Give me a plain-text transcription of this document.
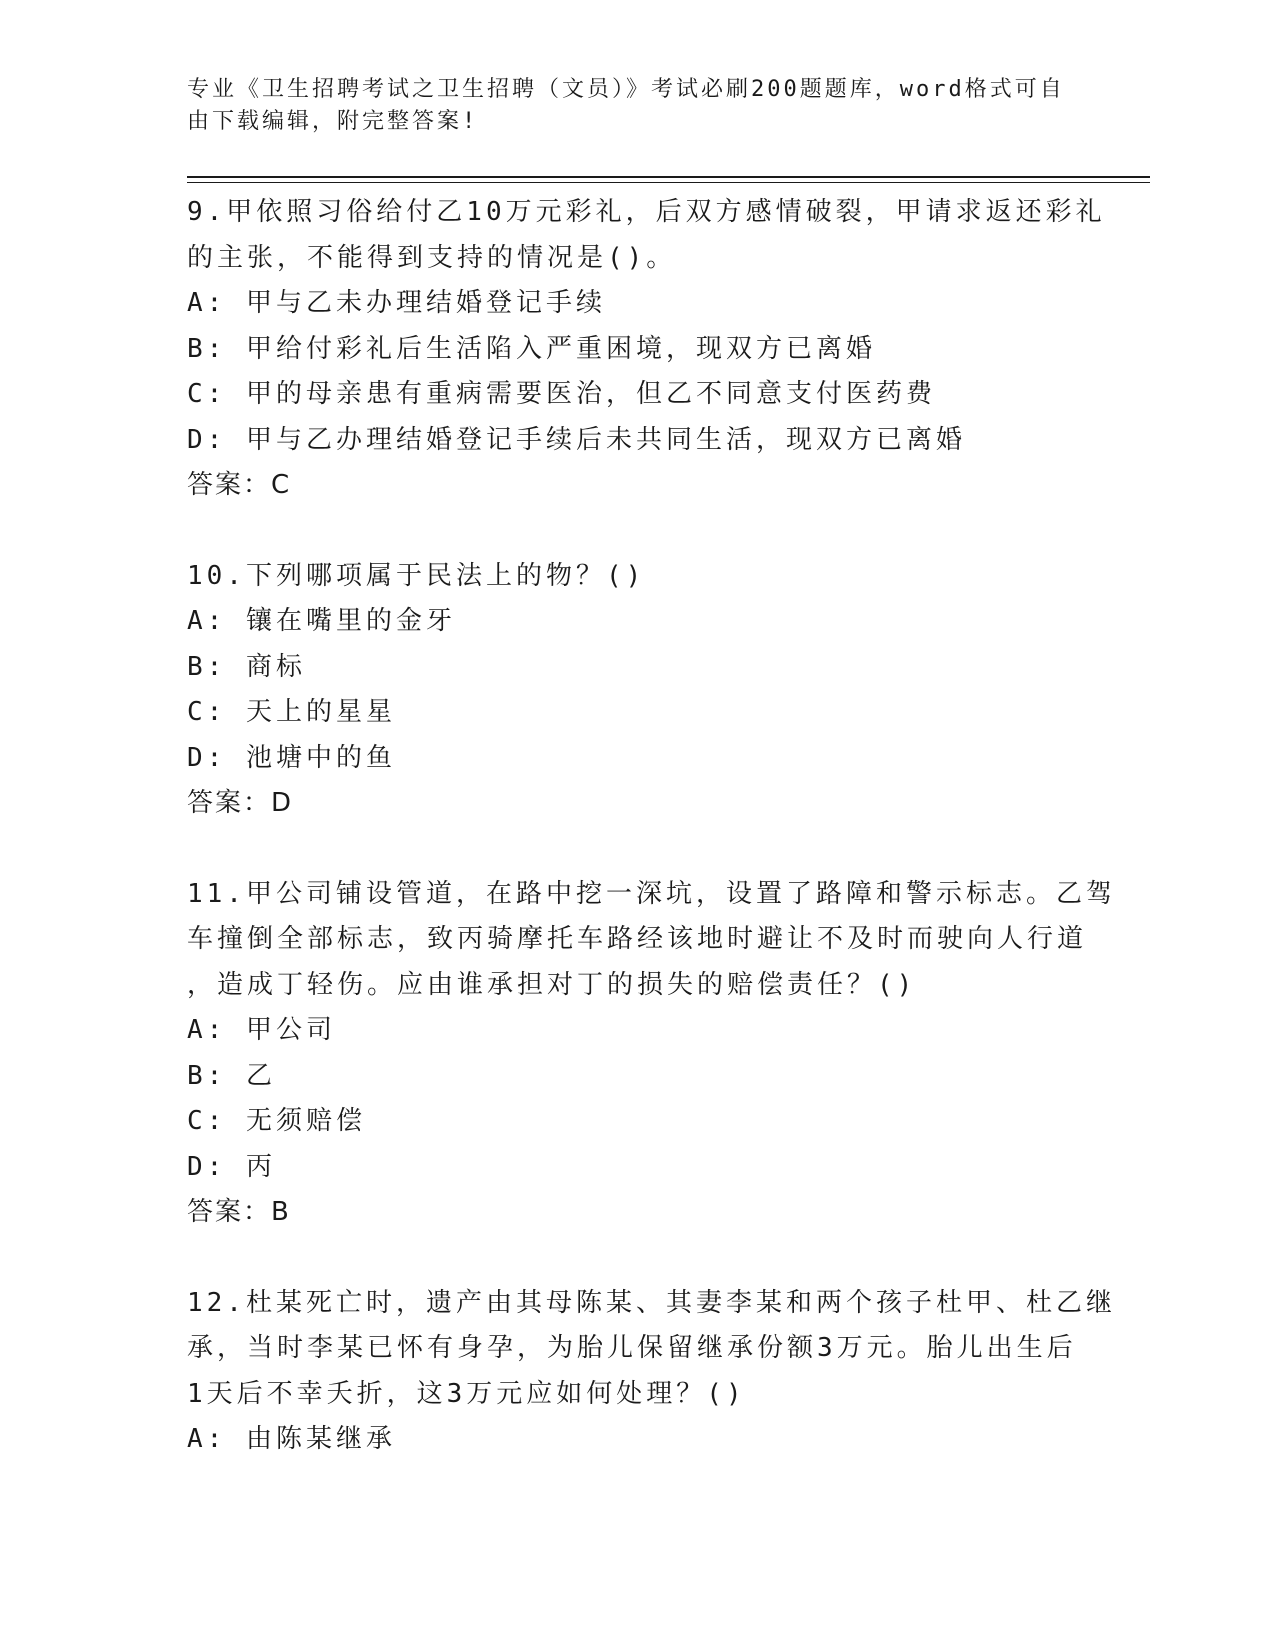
专业《卫生招聘考试之卫生招聘（文员）》考试必刷200题题库，word格式可自
由下载编辑，附完整答案!
9.甲依照习俗给付乙10万元彩礼，后双方感情破裂，甲请求返还彩礼
的主张，不能得到支持的情况是()。
A: 甲与乙未办理结婚登记手续
B: 甲给付彩礼后生活陷入严重困境，现双方已离婚
C: 甲的母亲患有重病需要医治，但乙不同意支付医药费
D: 甲与乙办理结婚登记手续后未共同生活，现双方已离婚
答案：C
10.下列哪项属于民法上的物？()
A: 镶在嘴里的金牙
B: 商标
C: 天上的星星
D: 池塘中的鱼
答案：D
11.甲公司铺设管道，在路中挖一深坑，设置了路障和警示标志。乙驾
车撞倒全部标志，致丙骑摩托车路经该地时避让不及时而驶向人行道
，造成丁轻伤。应由谁承担对丁的损失的赔偿责任？()
A: 甲公司
B: 乙
C: 无须赔偿
D: 丙
答案：B
12.杜某死亡时，遗产由其母陈某、其妻李某和两个孩子杜甲、杜乙继
承，当时李某已怀有身孕，为胎儿保留继承份额3万元。胎儿出生后
1天后不幸夭折，这3万元应如何处理？()
A: 由陈某继承
